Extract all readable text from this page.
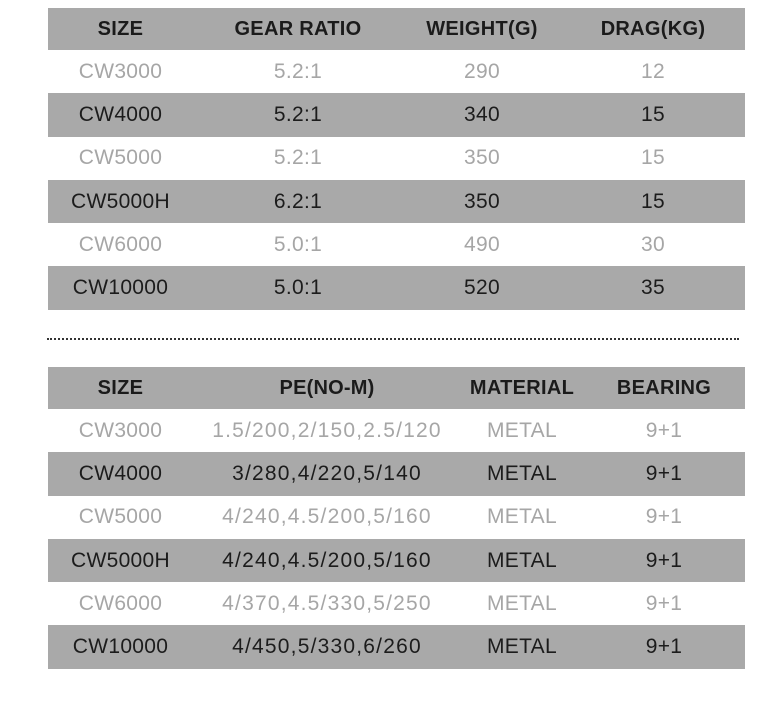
SIZE	GEAR RATIO	WEIGHT(G)	DRAG(KG)
CW3000	5.2:1	290	12
CW4000	5.2:1	340	15
CW5000	5.2:1	350	15
CW5000H	6.2:1	350	15
CW6000	5.0:1	490	30
CW10000	5.0:1	520	35
SIZE	PE(NO-M)	MATERIAL	BEARING
CW3000	1.5/200,2/150,2.5/120	METAL	9+1
CW4000	3/280,4/220,5/140	METAL	9+1
CW5000	4/240,4.5/200,5/160	METAL	9+1
CW5000H	4/240,4.5/200,5/160	METAL	9+1
CW6000	4/370,4.5/330,5/250	METAL	9+1
CW10000	4/450,5/330,6/260	METAL	9+1
